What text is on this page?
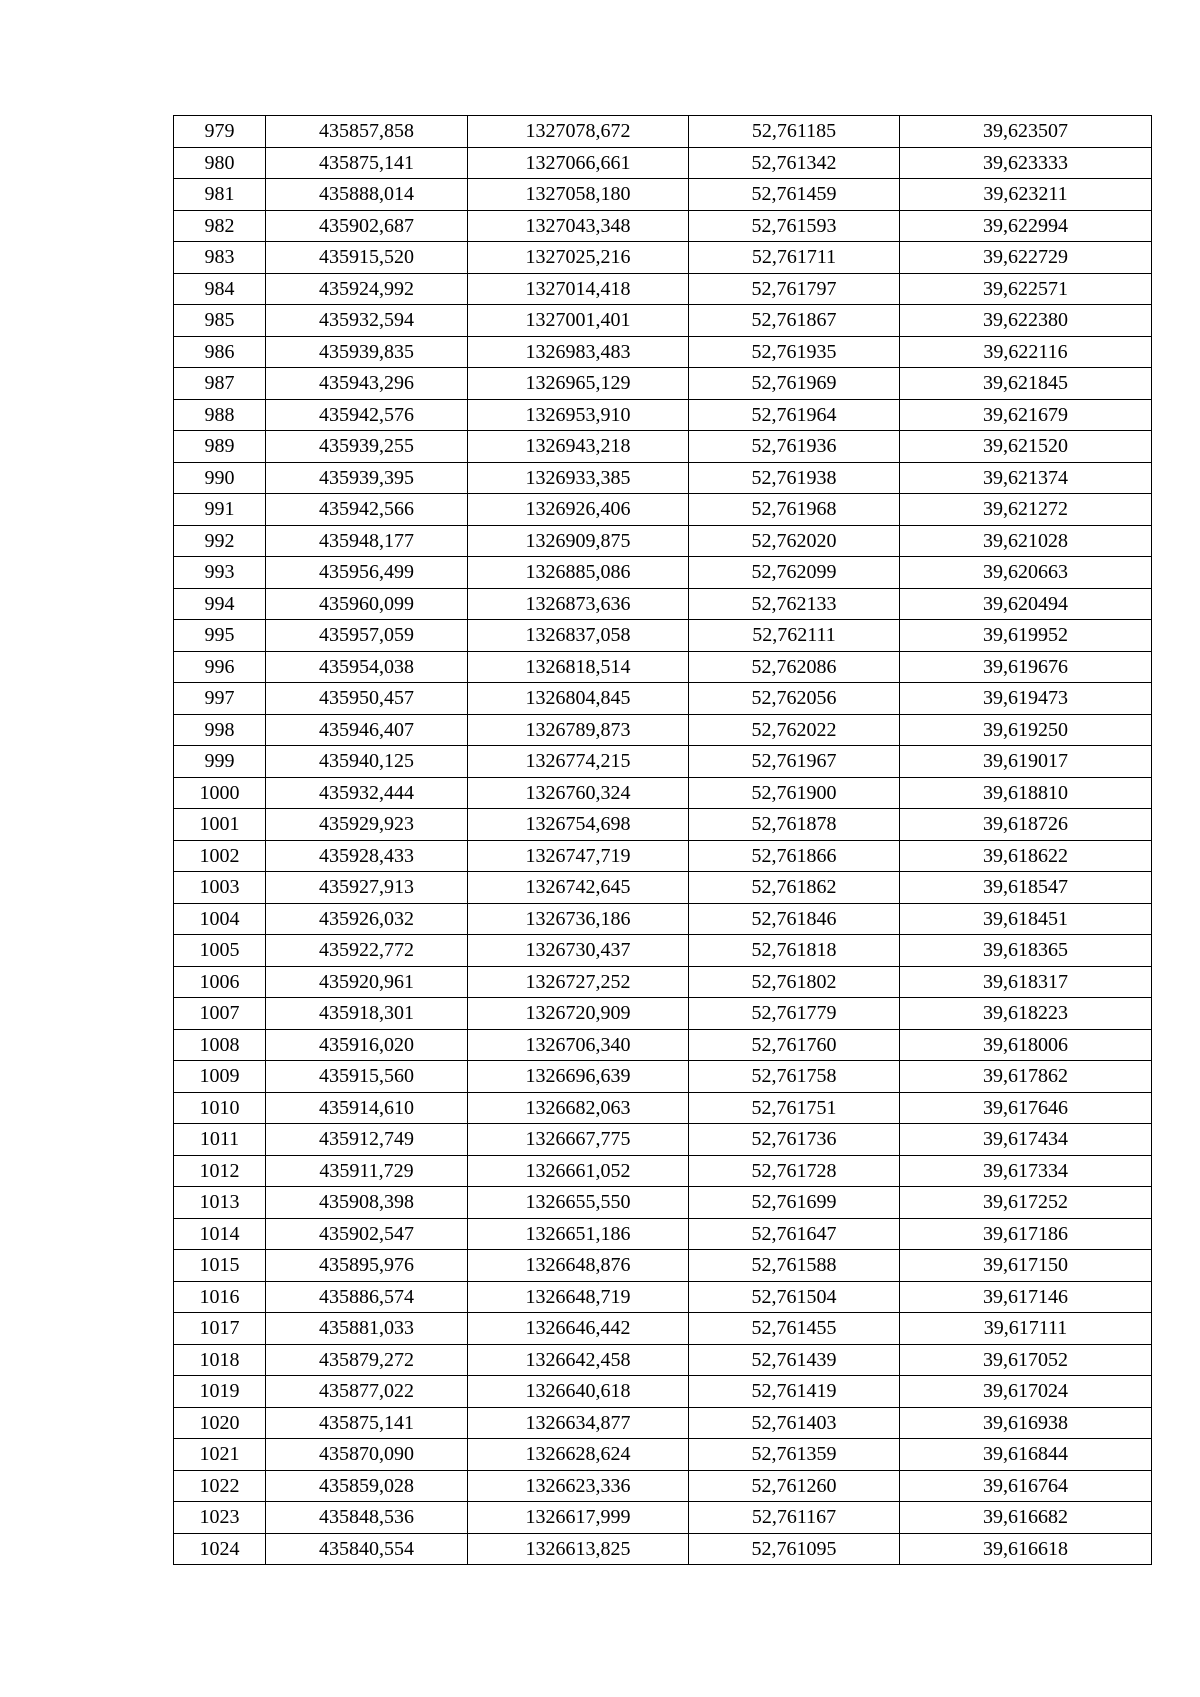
979	435857,858	1327078,672	52,761185	39,623507
980	435875,141	1327066,661	52,761342	39,623333
981	435888,014	1327058,180	52,761459	39,623211
982	435902,687	1327043,348	52,761593	39,622994
983	435915,520	1327025,216	52,761711	39,622729
984	435924,992	1327014,418	52,761797	39,622571
985	435932,594	1327001,401	52,761867	39,622380
986	435939,835	1326983,483	52,761935	39,622116
987	435943,296	1326965,129	52,761969	39,621845
988	435942,576	1326953,910	52,761964	39,621679
989	435939,255	1326943,218	52,761936	39,621520
990	435939,395	1326933,385	52,761938	39,621374
991	435942,566	1326926,406	52,761968	39,621272
992	435948,177	1326909,875	52,762020	39,621028
993	435956,499	1326885,086	52,762099	39,620663
994	435960,099	1326873,636	52,762133	39,620494
995	435957,059	1326837,058	52,762111	39,619952
996	435954,038	1326818,514	52,762086	39,619676
997	435950,457	1326804,845	52,762056	39,619473
998	435946,407	1326789,873	52,762022	39,619250
999	435940,125	1326774,215	52,761967	39,619017
1000	435932,444	1326760,324	52,761900	39,618810
1001	435929,923	1326754,698	52,761878	39,618726
1002	435928,433	1326747,719	52,761866	39,618622
1003	435927,913	1326742,645	52,761862	39,618547
1004	435926,032	1326736,186	52,761846	39,618451
1005	435922,772	1326730,437	52,761818	39,618365
1006	435920,961	1326727,252	52,761802	39,618317
1007	435918,301	1326720,909	52,761779	39,618223
1008	435916,020	1326706,340	52,761760	39,618006
1009	435915,560	1326696,639	52,761758	39,617862
1010	435914,610	1326682,063	52,761751	39,617646
1011	435912,749	1326667,775	52,761736	39,617434
1012	435911,729	1326661,052	52,761728	39,617334
1013	435908,398	1326655,550	52,761699	39,617252
1014	435902,547	1326651,186	52,761647	39,617186
1015	435895,976	1326648,876	52,761588	39,617150
1016	435886,574	1326648,719	52,761504	39,617146
1017	435881,033	1326646,442	52,761455	39,617111
1018	435879,272	1326642,458	52,761439	39,617052
1019	435877,022	1326640,618	52,761419	39,617024
1020	435875,141	1326634,877	52,761403	39,616938
1021	435870,090	1326628,624	52,761359	39,616844
1022	435859,028	1326623,336	52,761260	39,616764
1023	435848,536	1326617,999	52,761167	39,616682
1024	435840,554	1326613,825	52,761095	39,616618
